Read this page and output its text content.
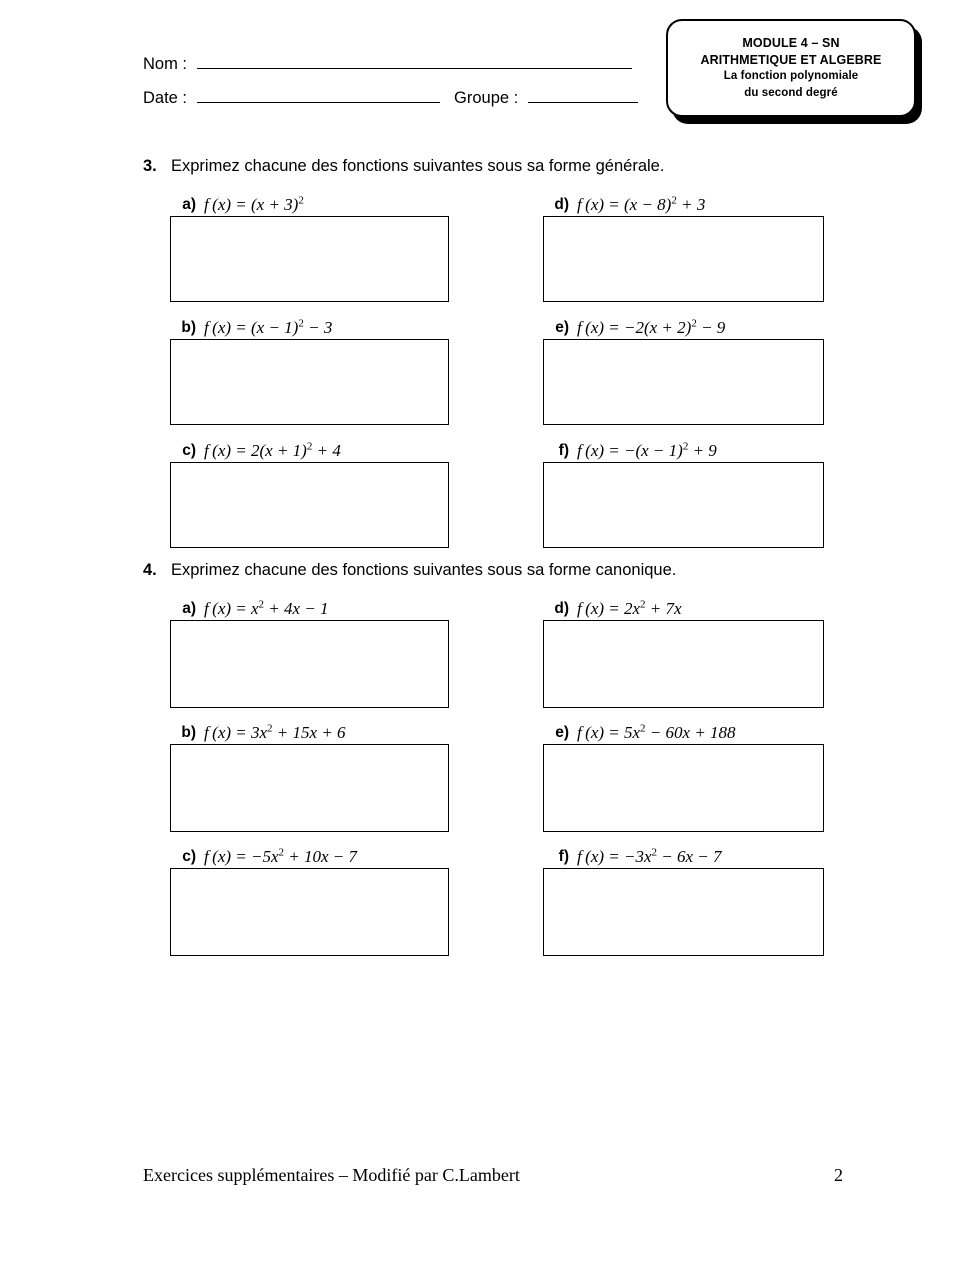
Nom :
Date :	Groupe :
MODULE 4 – SN
ARITHMETIQUE ET ALGEBRE
La fonction polynomiale
du second degré
3. Exprimez chacune des fonctions suivantes sous sa forme générale.
a) f $(x) = (x + 3)^2$
b) f $(x) = (x - 1)^2 - 3$
c) f $(x) = 2(x + 1)^2 + 4$
d) f $(x) = (x - 8)^2 + 3$
e) f $(x) = -2(x + 2)^2 - 9$
f) f $(x) = -(x - 1)^2 + 9$
4. Exprimez chacune des fonctions suivantes sous sa forme canonique.
a) f $(x) = x^2 + 4x - 1$
b) f $(x) = 3x^2 + 15x + 6$
c) f $(x) = -5x^2 + 10x - 7$
d) f $(x) = 2x^2 + 7x$
e) f $(x) = 5x^2 - 60x + 188$
f) f $(x) = -3x^2 - 6x - 7$
Exercices supplémentaires – Modifié par C.Lambert	2
